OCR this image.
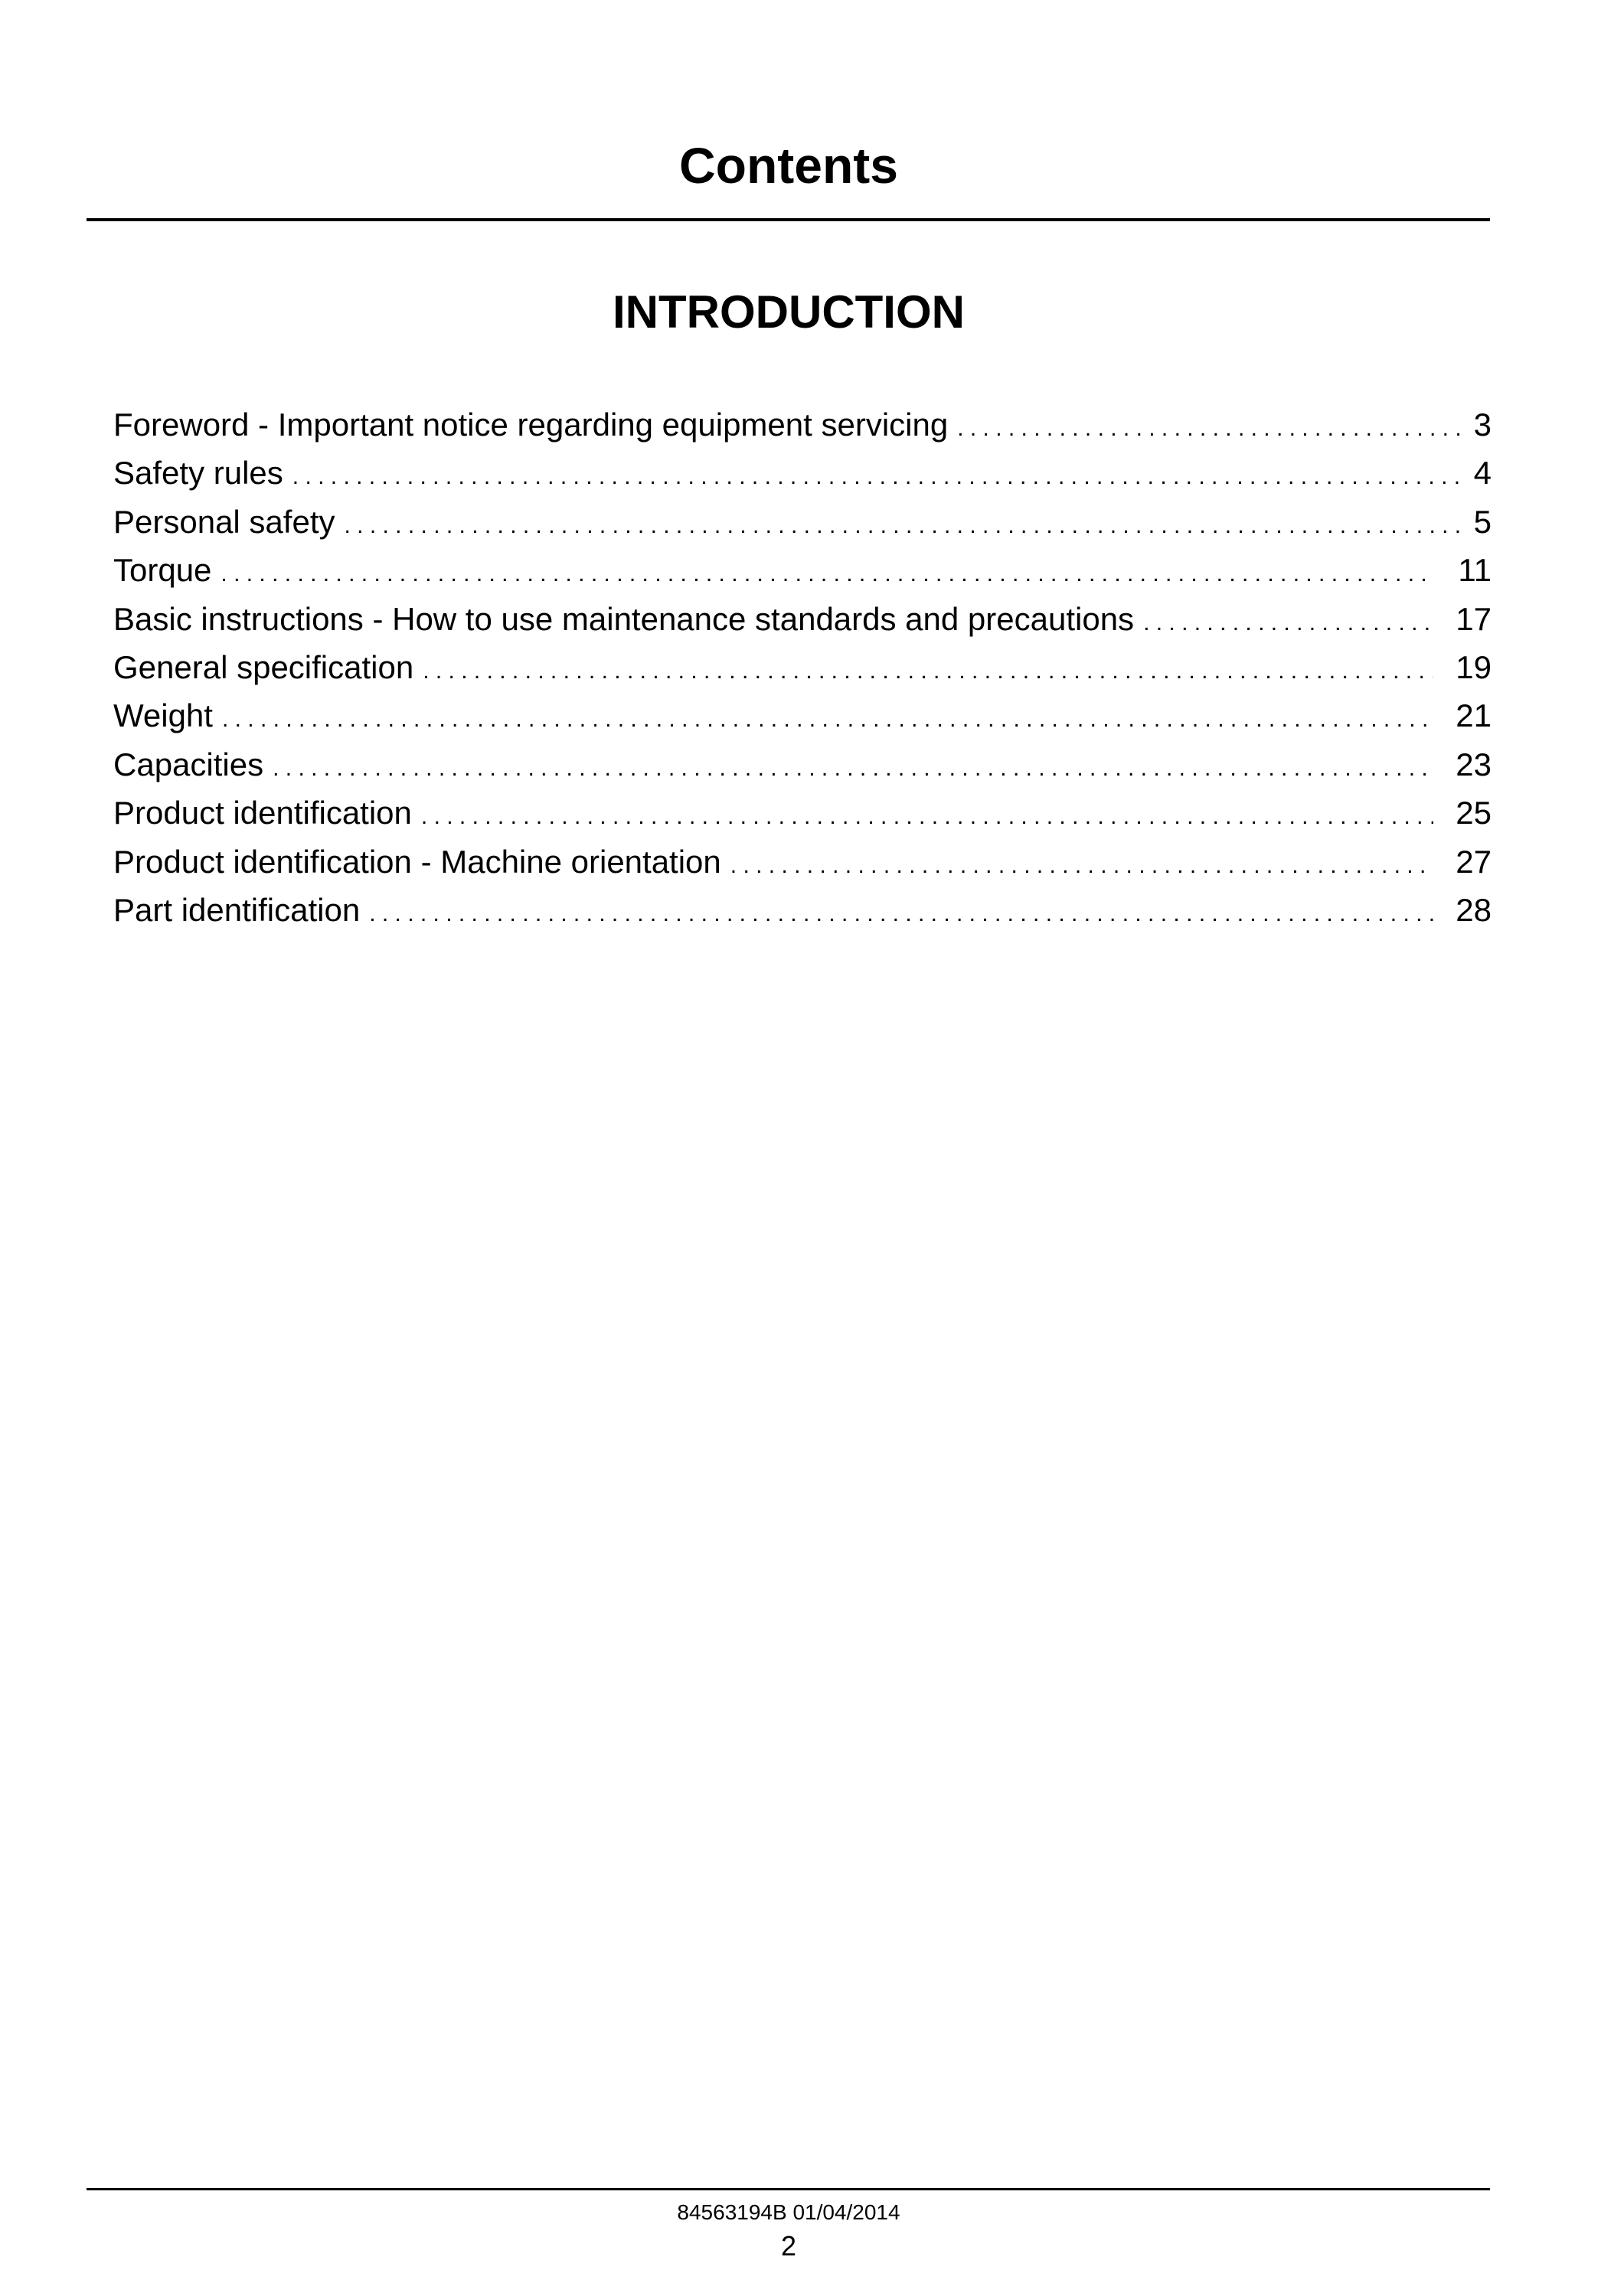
Contents
INTRODUCTION
Foreword - Important notice regarding equipment servicing . . .	3
Safety rules . . .	4
Personal safety . . .	5
Torque . . .	11
Basic instructions - How to use maintenance standards and precautions . . .	17
General specification . . .	19
Weight . . .	21
Capacities . . .	23
Product identification . . .	25
Product identification - Machine orientation . . .	27
Part identification . . .	28
84563194B 01/04/2014
2
